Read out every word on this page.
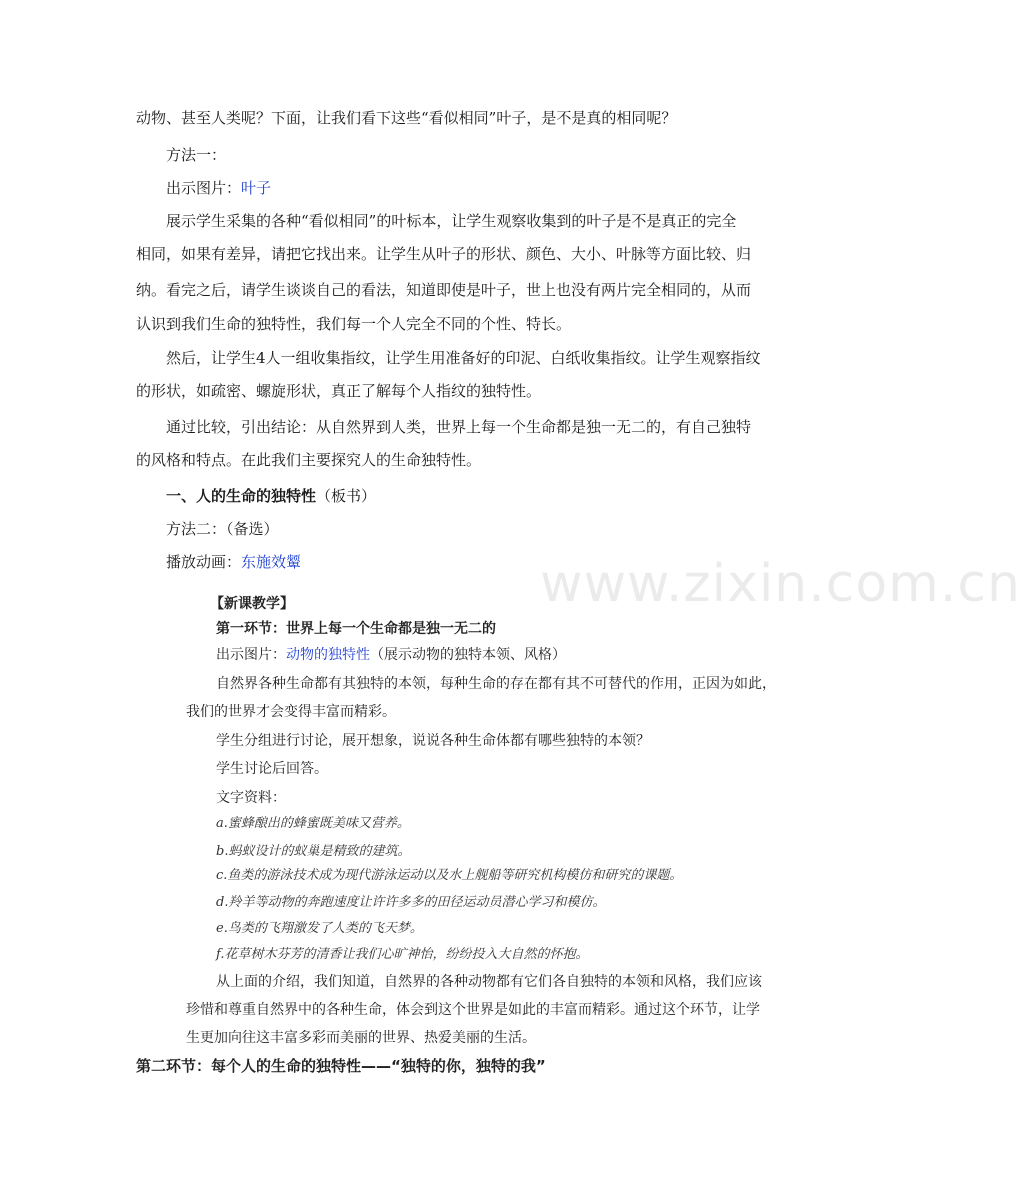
动物、甚至人类呢？下面，让我们看下这些“看似相同”叶子，是不是真的相同呢？
方法一：
出示图片：叶子
展示学生采集的各种“看似相同”的叶标本，让学生观察收集到的叶子是不是真正的完全
相同，如果有差异，请把它找出来。让学生从叶子的形状、颜色、大小、叶脉等方面比较、归
纳。看完之后，请学生谈谈自己的看法，知道即使是叶子，世上也没有两片完全相同的，从而
认识到我们生命的独特性，我们每一个人完全不同的个性、特长。
然后，让学生4人一组收集指纹，让学生用准备好的印泥、白纸收集指纹。让学生观察指纹
的形状，如疏密、螺旋形状，真正了解每个人指纹的独特性。
通过比较，引出结论：从自然界到人类，世界上每一个生命都是独一无二的，有自己独特
的风格和特点。在此我们主要探究人的生命独特性。
一、人的生命的独特性（板书）
方法二：（备选）
播放动画：东施效颦	www.zixin.com.cn
【新课教学】
第一环节：世界上每一个生命都是独一无二的
出示图片：动物的独特性（展示动物的独特本领、风格）
自然界各种生命都有其独特的本领，每种生命的存在都有其不可替代的作用，正因为如此，
我们的世界才会变得丰富而精彩。
学生分组进行讨论，展开想象，说说各种生命体都有哪些独特的本领？
学生讨论后回答。
文字资料：
a.蜜蜂酿出的蜂蜜既美味又营养。
b.蚂蚁设计的蚁巢是精致的建筑。
c.鱼类的游泳技术成为现代游泳运动以及水上舰船等研究机构模仿和研究的课题。
d.羚羊等动物的奔跑速度让许许多多的田径运动员潜心学习和模仿。
e.鸟类的飞翔激发了人类的飞天梦。
f.花草树木芬芳的清香让我们心旷神怡，纷纷投入大自然的怀抱。
从上面的介绍，我们知道，自然界的各种动物都有它们各自独特的本领和风格，我们应该
珍惜和尊重自然界中的各种生命，体会到这个世界是如此的丰富而精彩。通过这个环节，让学
生更加向往这丰富多彩而美丽的世界、热爱美丽的生活。
第二环节：每个人的生命的独特性——“独特的你，独特的我”
